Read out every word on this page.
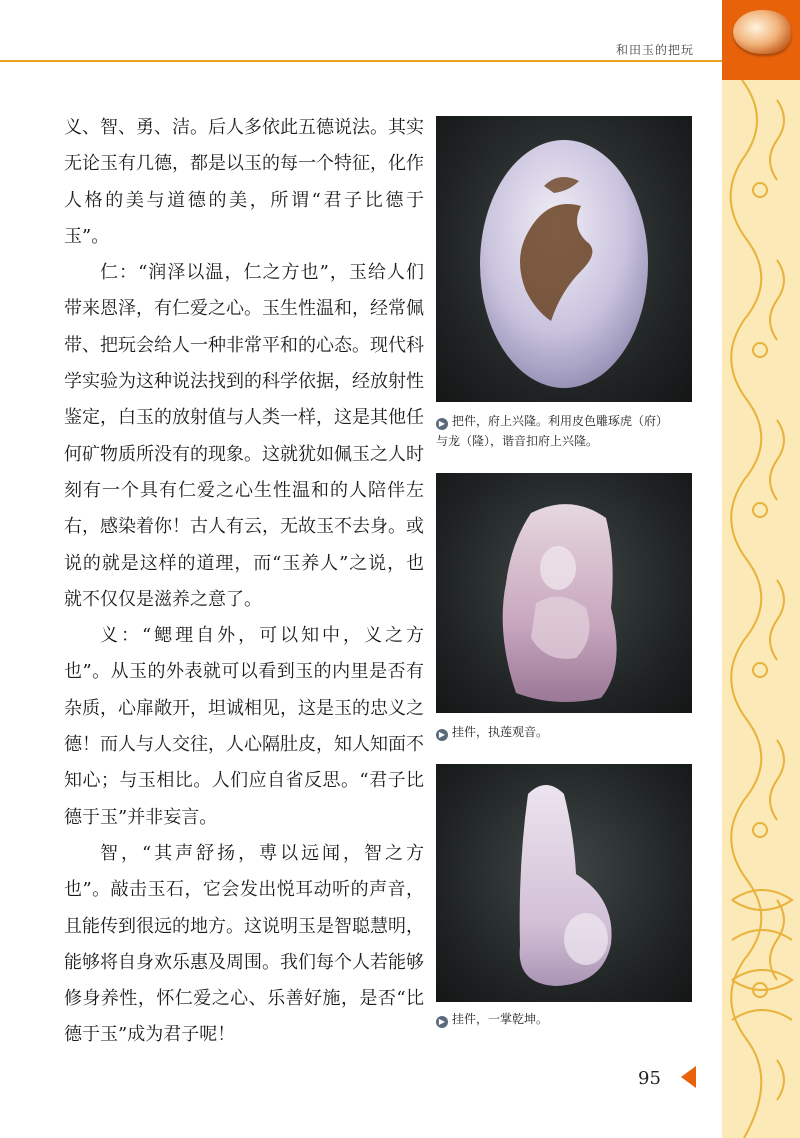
和田玉的把玩

义、智、勇、洁。后人多依此五德说法。其实无论玉有几德，都是以玉的每一个特征，化作人格的美与道德的美，所谓“君子比德于玉”。

仁：“润泽以温，仁之方也”，玉给人们带来恩泽，有仁爱之心。玉生性温和，经常佩带、把玩会给人一种非常平和的心态。现代科学实验为这种说法找到的科学依据，经放射性鉴定，白玉的放射值与人类一样，这是其他任何矿物质所没有的现象。这就犹如佩玉之人时刻有一个具有仁爱之心生性温和的人陪伴左右，感染着你！古人有云，无故玉不去身。或说的就是这样的道理，而“玉养人”之说，也就不仅仅是滋养之意了。

义：“鳃理自外，可以知中，义之方也”。从玉的外表就可以看到玉的内里是否有杂质，心扉敞开，坦诚相见，这是玉的忠义之德！而人与人交往，人心隔肚皮，知人知面不知心；与玉相比。人们应自省反思。“君子比德于玉”并非妄言。

智，“其声舒扬，尃以远闻，智之方也”。敲击玉石，它会发出悦耳动听的声音，且能传到很远的地方。这说明玉是智聪慧明，能够将自身欢乐惠及周围。我们每个人若能够修身养性，怀仁爱之心、乐善好施，是否“比德于玉”成为君子呢！

▶ 把件，府上兴隆。利用皮色雕琢虎（府）
与龙（隆），谐音扣府上兴隆。
▶ 挂件，执莲观音。
▶ 挂件，一掌乾坤。
95
